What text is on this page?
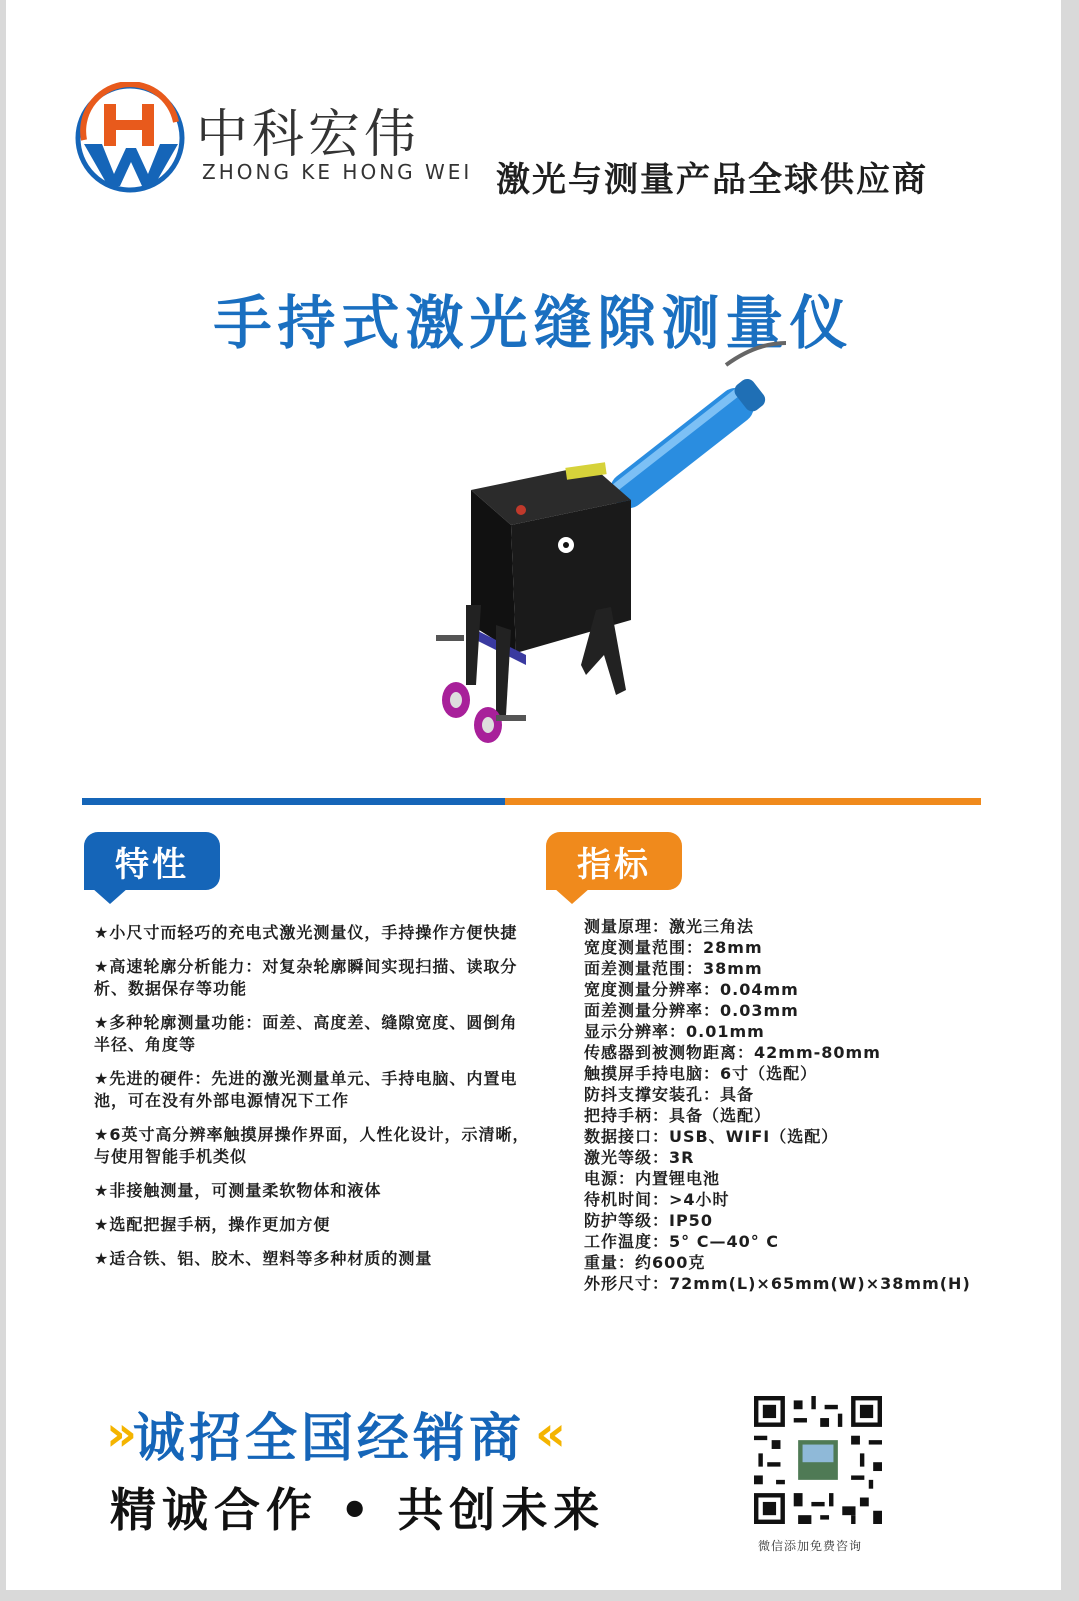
中科宏伟
ZHONG KE HONG WEI 激光与测量产品全球供应商
手持式激光缝隙测量仪
特性	指标
★小尺寸而轻巧的充电式激光测量仪，手持操作方便快捷
★高速轮廓分析能力：对复杂轮廓瞬间实现扫描、读取分析、数据保存等功能
★多种轮廓测量功能：面差、高度差、缝隙宽度、圆倒角半径、角度等
★先进的硬件：先进的激光测量单元、手持电脑、内置电池，可在没有外部电源情况下工作
★6英寸高分辨率触摸屏操作界面，人性化设计，示清晰，与使用智能手机类似
★非接触测量，可测量柔软物体和液体
★选配把握手柄，操作更加方便
★适合铁、铝、胶木、塑料等多种材质的测量
测量原理：激光三角法
宽度测量范围：28mm
面差测量范围：38mm
宽度测量分辨率：0.04mm
面差测量分辨率：0.03mm
显示分辨率：0.01mm
传感器到被测物距离：42mm-80mm
触摸屏手持电脑：6寸（选配）
防抖支撑安装孔：具备
把持手柄：具备（选配）
数据接口：USB、WIFI（选配）
激光等级：3R
电源：内置锂电池
待机时间：>4小时
防护等级：IP50
工作温度：5° C—40° C
重量：约600克
外形尺寸：72mm(L)×65mm(W)×38mm(H)
» 诚招全国经销商 «
精诚合作 • 共创未来
微信添加免费咨询
